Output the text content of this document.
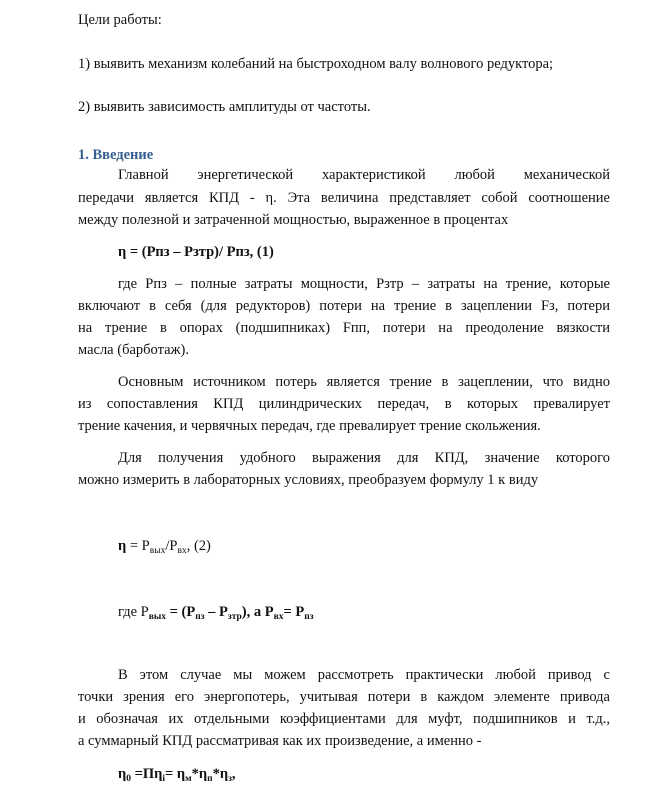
Цели работы:
1) выявить механизм колебаний на быстроходном валу волнового редуктора;
2) выявить зависимость амплитуды от частоты.
1. Введение
Главной энергетической характеристикой любой механической
передачи является КПД - η. Эта величина представляет собой соотношение
между полезной и затраченной мощностью, выраженное в процентах
η = (Pпз – Pзтр)/ Pпз, (1)
где Pпз – полные затраты мощности, Pзтр – затраты на трение, которые
включают в себя (для редукторов) потери на трение в зацеплении Fз, потери
на трение в опорах (подшипниках) Fпп, потери на преодоление вязкости
масла (барботаж).
Основным источником потерь является трение в зацеплении, что видно
из сопоставления КПД цилиндрических передач, в которых превалирует
трение качения, и червячных передач, где превалирует трение скольжения.
Для получения удобного выражения для КПД, значение которого
можно измерить в лабораторных условиях, преобразуем формулу 1 к виду
$\eta = P_{вых}/P_{вх}$, (2)
где $P_{вых} = (P_{пз} - P_{зтр})$, а $P_{вх}= P_{пз}$
В этом случае мы можем рассмотреть практически любой привод с
точки зрения его энергопотерь, учитывая потери в каждом элементе привода
и обозначая их отдельными коэффициентами для муфт, подшипников и т.д.,
а суммарный КПД рассматривая как их произведение, а именно -
$\eta_0 =П\eta_i= \eta_м*\eta_п*\eta_з$,
